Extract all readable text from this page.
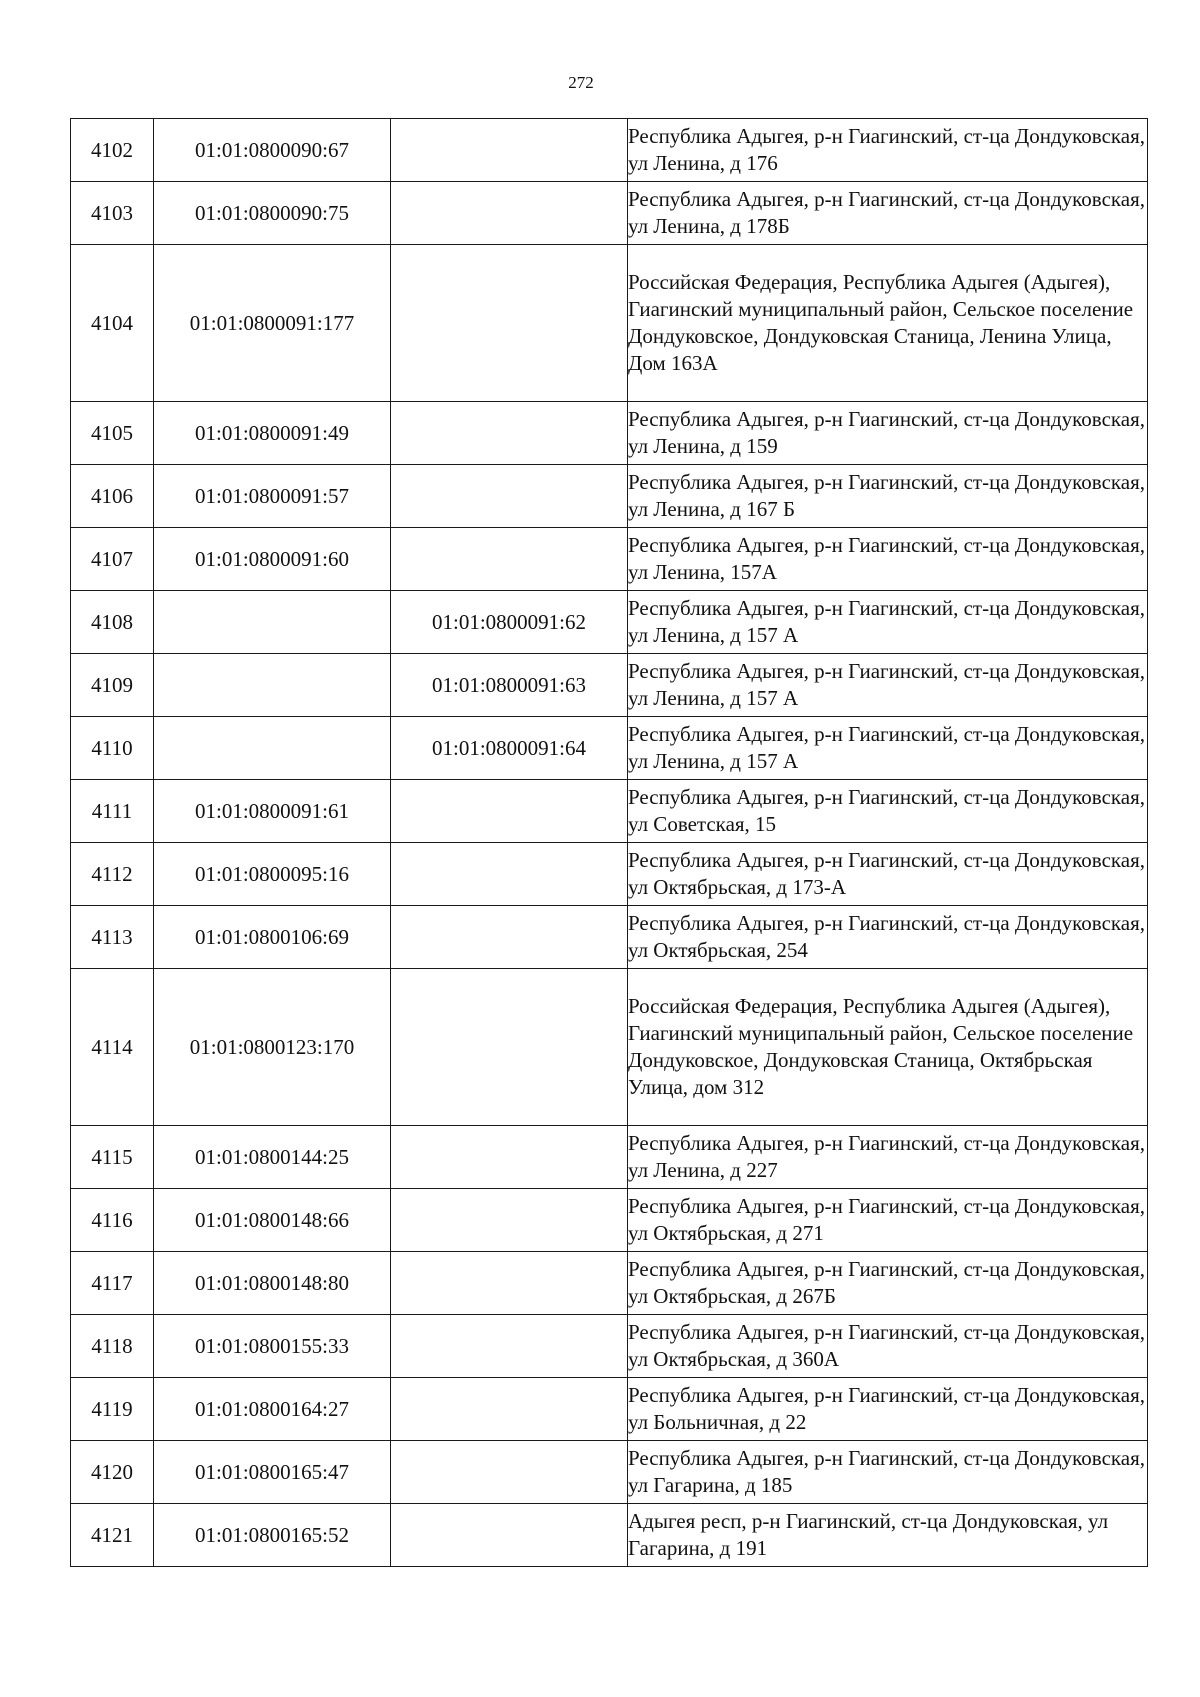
272
4102	01:01:0800090:67		Республика Адыгея, р-н Гиагинский, ст-ца Дондуковская, ул Ленина, д 176
4103	01:01:0800090:75		Республика Адыгея, р-н Гиагинский, ст-ца Дондуковская, ул Ленина, д 178Б
4104	01:01:0800091:177		Российская Федерация, Республика Адыгея (Адыгея), Гиагинский муниципальный район, Сельское поселение Дондуковское, Дондуковская Станица, Ленина Улица, Дом 163А
4105	01:01:0800091:49		Республика Адыгея, р-н Гиагинский, ст-ца Дондуковская, ул Ленина, д 159
4106	01:01:0800091:57		Республика Адыгея, р-н Гиагинский, ст-ца Дондуковская, ул Ленина, д 167 Б
4107	01:01:0800091:60		Республика Адыгея, р-н Гиагинский, ст-ца Дондуковская, ул Ленина, 157А
4108		01:01:0800091:62	Республика Адыгея, р-н Гиагинский, ст-ца Дондуковская, ул Ленина, д 157 А
4109		01:01:0800091:63	Республика Адыгея, р-н Гиагинский, ст-ца Дондуковская, ул Ленина, д 157 А
4110		01:01:0800091:64	Республика Адыгея, р-н Гиагинский, ст-ца Дондуковская, ул Ленина, д 157 А
4111	01:01:0800091:61		Республика Адыгея, р-н Гиагинский, ст-ца Дондуковская, ул Советская, 15
4112	01:01:0800095:16		Республика Адыгея, р-н Гиагинский, ст-ца Дондуковская, ул Октябрьская, д 173-А
4113	01:01:0800106:69		Республика Адыгея, р-н Гиагинский, ст-ца Дондуковская, ул Октябрьская, 254
4114	01:01:0800123:170		Российская Федерация, Республика Адыгея (Адыгея), Гиагинский муниципальный район, Сельское поселение Дондуковское, Дондуковская Станица, Октябрьская Улица, дом 312
4115	01:01:0800144:25		Республика Адыгея, р-н Гиагинский, ст-ца Дондуковская, ул Ленина, д 227
4116	01:01:0800148:66		Республика Адыгея, р-н Гиагинский, ст-ца Дондуковская, ул Октябрьская, д 271
4117	01:01:0800148:80		Республика Адыгея, р-н Гиагинский, ст-ца Дондуковская, ул Октябрьская, д 267Б
4118	01:01:0800155:33		Республика Адыгея, р-н Гиагинский, ст-ца Дондуковская, ул Октябрьская, д 360А
4119	01:01:0800164:27		Республика Адыгея, р-н Гиагинский, ст-ца Дондуковская, ул Больничная, д 22
4120	01:01:0800165:47		Республика Адыгея, р-н Гиагинский, ст-ца Дондуковская, ул Гагарина, д 185
4121	01:01:0800165:52		Адыгея респ, р-н Гиагинский, ст-ца Дондуковская, ул Гагарина, д 191
